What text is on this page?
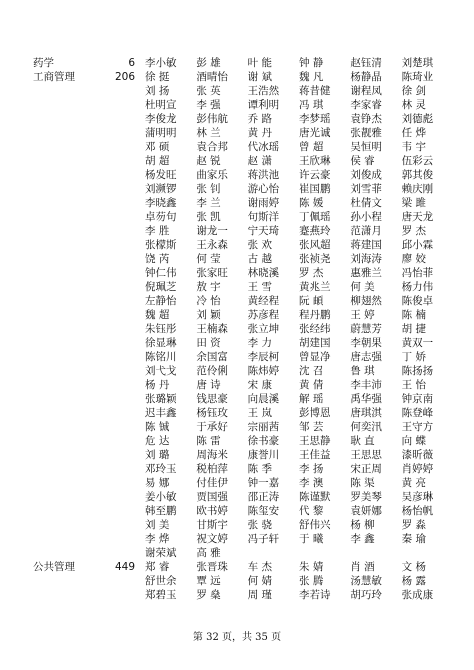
药学	6 李小敏	彭 雄	叶 能	钟 静	赵钰清	刘楚琪
工商管理	206 徐 挺	酒晴怡	谢 斌	魏 凡	杨静晶	陈琦业
刘 扬	张 英	王浩然	蒋昔健	谢程凤	徐 剑
杜明宣	李 强	谭利明	冯 琪	李家睿	林 灵
李俊龙	彭伟航	乔 路	李梦瑶	袁铮杰	刘德彪
蒲明明	林 兰	黄 丹	唐光诚	张靓雅	任 烨
邓 硕	袁合邦	代冰瑶	曾 超	吴恒明	韦 宇
胡 超	赵 锐	赵 潇	王欣琳	侯 睿	伍彩云
杨发旺	曲家乐	蒋洪池	许云豪	刘俊成	郭其俊
刘濒锣	张 钊	游心怡	崔国鹏	刘雪菲	赖庆刚
李晓鑫	李 兰	谢雨婷	陈 媛	杜倩文	梁 雎
卓芴句	张 凯	句斯洋	丁佩瑶	孙小程	唐天龙
李 胜	谢龙一	宁天琦	蹇燕玲	范潇月	罗 杰
张檬斯	王永森	张 欢	张风超	蒋建国	邱小霖
饶 芮	何 莹	古 越	张祯尧	刘海涛	廖 姣
钟仁伟	张家旺	林晓溪	罗 杰	惠雅兰	冯怡菲
倪珮芝	敖 宇	王 雪	黄兆兰	何 美	杨力伟
左静怡	冷 怡	黄经程	阮 頔	柳翅然	陈俊卓
魏 超	刘 颖	苏彦程	程丹鹏	王 婷	陈 楠
朱钰彤	王楠森	张立坤	张经纬	蔚慧芳	胡 捷
徐显琳	田 资	李 力	胡建国	李朝果	黄双一
陈铭川	余国富	李辰柯	曾显净	唐志强	丁 娇
刘弋戈	范伶俐	陈炜婷	沈 召	鲁 琪	陈扬扬
杨 丹	唐 诗	宋 康	黄 倩	李丰沛	王 怡
张璐颖	钱思豪	向晨溪	解 瑶	禹华强	钟京南
迟丰鑫	杨钰玫	王 岚	彭博恩	唐琪淇	陈登峰
陈 铖	于承好	宗丽茜	邹 芸	何奕汛	王守方
危 达	陈 雷	徐书豪	王思静	耿 直	向 蝶
刘 璐	周海米	康誉川	王佳益	王思思	漆昕薇
邓玲玉	税柏萍	陈 季	李 扬	宋正周	肖婷婷
易 娜	付佳伊	钟一嘉	李 澳	陈 渠	黄 亮
姜小敏	贾国强	邵正涛	陈谨默	罗美琴	吴彦琳
韩至鹏	欧书婷	陈玺安	代 黎	袁妍娜	杨怡帆
刘 美	甘斯宇	张 骁	舒伟兴	杨 柳	罗 淼
李 烨	祝文婷	冯子轩	于 曦	李 鑫	秦 瑜
谢荣斌	高 雅
公共管理	449 郑 睿	张晋珠	车 杰	朱 婧	肖 酒	文 杨
舒世余	覃 远	何 婧	张 腾	汤慧敏	杨 露
郑碧玉	罗 燊	周 瑾	李若诗	胡巧玲	张成康
第 32 页，共 35 页
